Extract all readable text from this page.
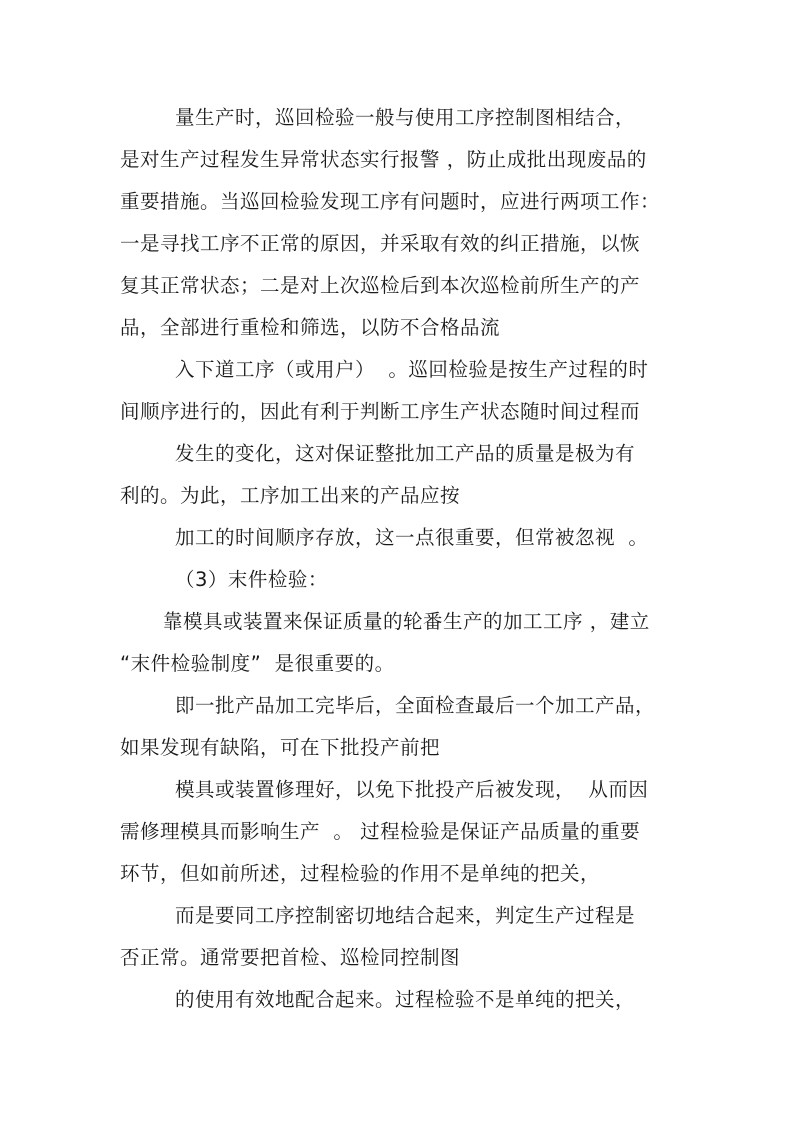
量生产时，巡回检验一般与使用工序控制图相结合，
是对生产过程发生异常状态实行报警 ，防止成批出现废品的
重要措施。当巡回检验发现工序有问题时，应进行两项工作：
一是寻找工序不正常的原因，并采取有效的纠正措施，以恢
复其正常状态；二是对上次巡检后到本次巡检前所生产的产
品，全部进行重检和筛选，以防不合格品流
入下道工序（或用户）  。巡回检验是按生产过程的时
间顺序进行的，因此有利于判断工序生产状态随时间过程而
发生的变化，这对保证整批加工产品的质量是极为有
利的。为此，工序加工出来的产品应按
加工的时间顺序存放，这一点很重要，但常被忽视  。
（3）末件检验：
靠模具或装置来保证质量的轮番生产的加工工序 ，建立
“末件检验制度”  是很重要的。
即一批产品加工完毕后，全面检查最后一个加工产品，
如果发现有缺陷，可在下批投产前把
模具或装置修理好，以免下批投产后被发现，  从而因
需修理模具而影响生产  。 过程检验是保证产品质量的重要
环节，但如前所述，过程检验的作用不是单纯的把关，
而是要同工序控制密切地结合起来，判定生产过程是
否正常。通常要把首检、巡检同控制图
的使用有效地配合起来。过程检验不是单纯的把关，
